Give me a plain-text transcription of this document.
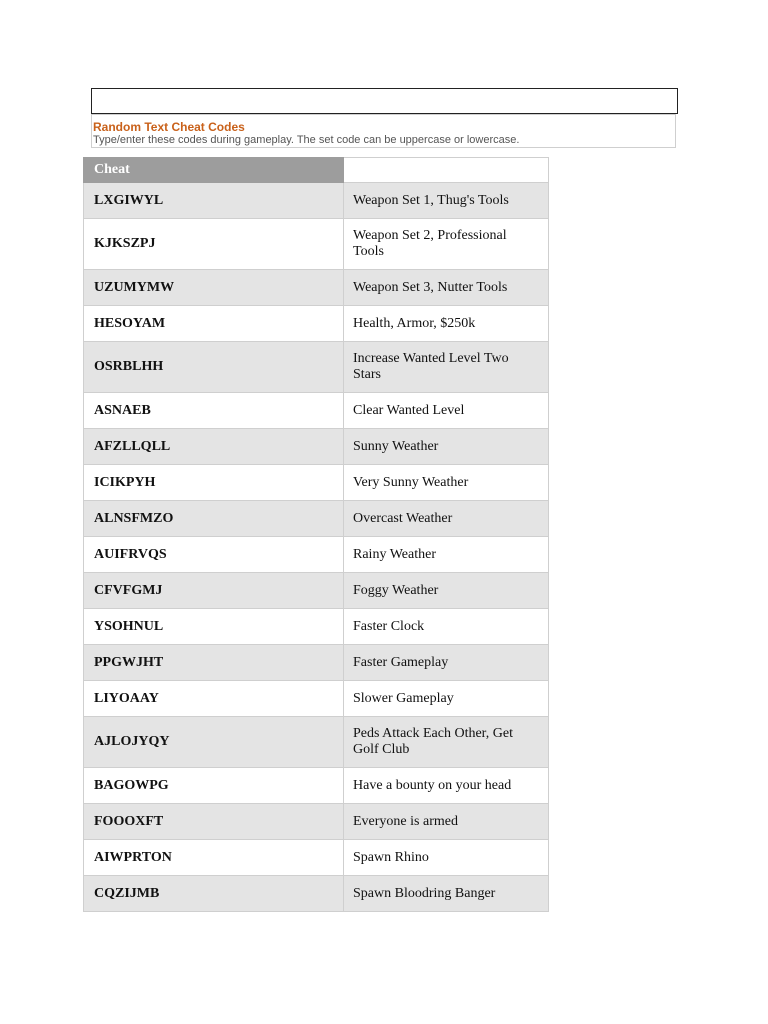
Random Text Cheat Codes
Type/enter these codes during gameplay. The set code can be uppercase or lowercase.
Cheat	
LXGIWYL	Weapon Set 1, Thug's Tools
KJKSZPJ	Weapon Set 2, Professional Tools
UZUMYMW	Weapon Set 3, Nutter Tools
HESOYAM	Health, Armor, $250k
OSRBLHH	Increase Wanted Level Two Stars
ASNAEB	Clear Wanted Level
AFZLLQLL	Sunny Weather
ICIKPYH	Very Sunny Weather
ALNSFMZO	Overcast Weather
AUIFRVQS	Rainy Weather
CFVFGMJ	Foggy Weather
YSOHNUL	Faster Clock
PPGWJHT	Faster Gameplay
LIYOAAY	Slower Gameplay
AJLOJYQY	Peds Attack Each Other, Get Golf Club
BAGOWPG	Have a bounty on your head
FOOOXFT	Everyone is armed
AIWPRTON	Spawn Rhino
CQZIJMB	Spawn Bloodring Banger
